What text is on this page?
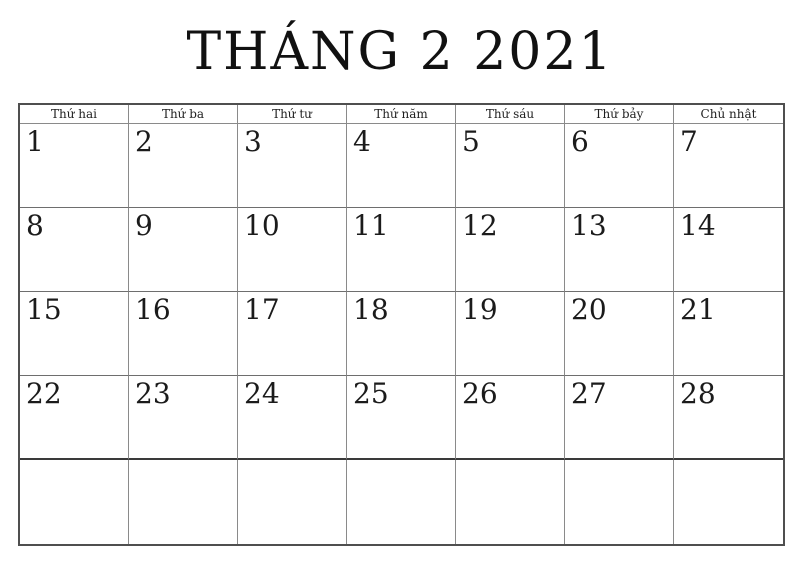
THÁNG 2 2021
Thứ hai	Thứ ba	Thứ tư	Thứ năm	Thứ sáu	Thứ bảy	Chủ nhật
1	2	3	4	5	6	7
8	9	10	11	12	13	14
15	16	17	18	19	20	21
22	23	24	25	26	27	28
